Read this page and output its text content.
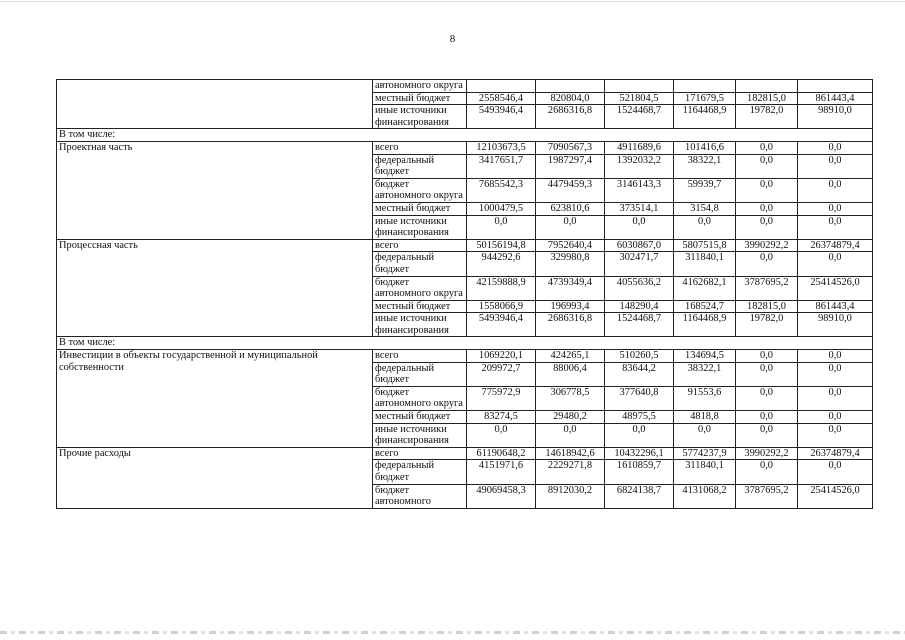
8
	автономного округа						
	местный бюджет	2558546,4	820804,0	521804,5	171679,5	182815,0	861443,4
	иные источники финансирования	5493946,4	2686316,8	1524468,7	1164468,9	19782,0	98910,0
В том числе:							
Проектная часть	всего	12103673,5	7090567,3	4911689,6	101416,6	0,0	0,0
	федеральный бюджет	3417651,7	1987297,4	1392032,2	38322,1	0,0	0,0
	бюджет автономного округа	7685542,3	4479459,3	3146143,3	59939,7	0,0	0,0
	местный бюджет	1000479,5	623810,6	373514,1	3154,8	0,0	0,0
	иные источники финансирования	0,0	0,0	0,0	0,0	0,0	0,0
Процессная часть	всего	50156194,8	7952640,4	6030867,0	5807515,8	3990292,2	26374879,4
	федеральный бюджет	944292,6	329980,8	302471,7	311840,1	0,0	0,0
	бюджет автономного округа	42159888,9	4739349,4	4055636,2	4162682,1	3787695,2	25414526,0
	местный бюджет	1558066,9	196993,4	148290,4	168524,7	182815,0	861443,4
	иные источники финансирования	5493946,4	2686316,8	1524468,7	1164468,9	19782,0	98910,0
В том числе:							
Инвестиции в объекты государственной и муниципальной собственности	всего	1069220,1	424265,1	510260,5	134694,5	0,0	0,0
	федеральный бюджет	209972,7	88006,4	83644,2	38322,1	0,0	0,0
	бюджет автономного округа	775972,9	306778,5	377640,8	91553,6	0,0	0,0
	местный бюджет	83274,5	29480,2	48975,5	4818,8	0,0	0,0
	иные источники финансирования	0,0	0,0	0,0	0,0	0,0	0,0
Прочие расходы	всего	61190648,2	14618942,6	10432296,1	5774237,9	3990292,2	26374879,4
	федеральный бюджет	4151971,6	2229271,8	1610859,7	311840,1	0,0	0,0
	бюджет автономного	49069458,3	8912030,2	6824138,7	4131068,2	3787695,2	25414526,0
